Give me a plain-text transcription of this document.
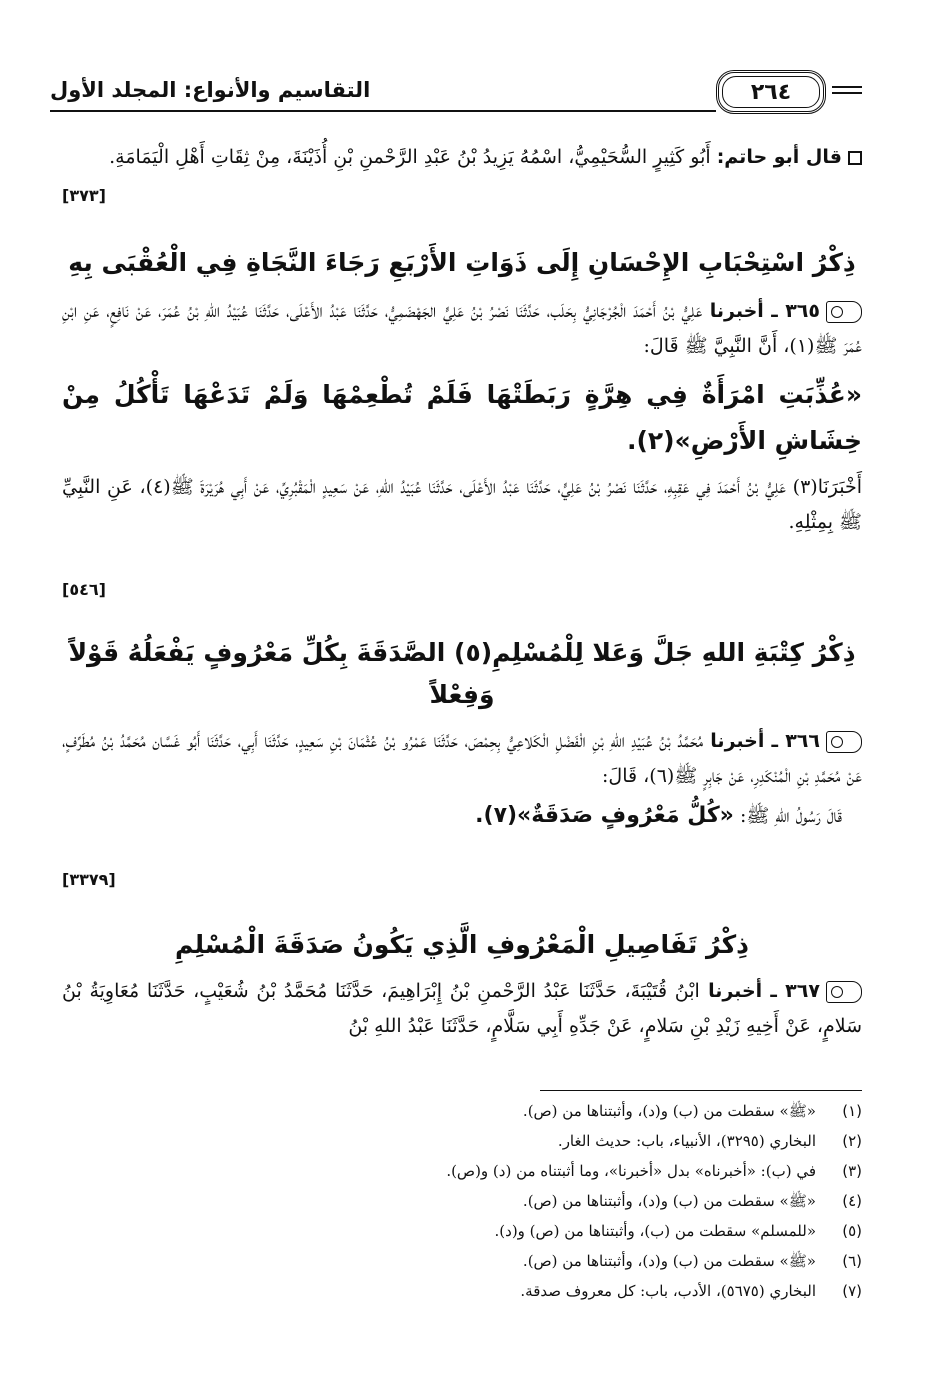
التقاسيم والأنواع: المجلد الأول	٢٦٤

قال أبو حاتم: أَبُو كَثِيرٍ السُّحَيْمِيُّ، اسْمُهُ يَزِيدُ بْنُ عَبْدِ الرَّحْمنِ بْنِ أُذَيْنَةَ، مِنْ ثِقَاتِ أَهْلِ الْيَمَامَةِ.

[٣٧٣]

ذِكْرُ اسْتِحْبَابِ الإِحْسَانِ إِلَى ذَوَاتِ الأَرْبَعِ رَجَاءَ النَّجَاةِ فِي الْعُقْبَى بِهِ

٣٦٥ ـ أخبرنا عَلِيُّ بْنُ أَحْمَدَ الْجُرْجَانِيُّ بِحَلَب، حَدَّثَنَا نَصْرُ بْنُ عَلِيٍّ الجَهْضَمِيُّ، حَدَّثَنَا عَبْدُ الأَعْلَى، حَدَّثَنَا عُبَيْدُ اللهِ بْنُ عُمَرَ، عَنْ نَافِعٍ، عَنِ ابْنِ عُمَرَ ﷺ(١)، أَنَّ النَّبِيَّ ﷺ قَالَ:

«عُذِّبَتِ امْرَأَةٌ فِي هِرَّةٍ رَبَطَتْهَا فَلَمْ تُطْعِمْهَا وَلَمْ تَدَعْهَا تَأْكُلُ مِنْ خِشَاشِ الأَرْضِ»(٢).

أَخْبَرَنَا(٣) عَلِيُّ بْنُ أَحْمَدَ فِي عَقِبِهِ، حَدَّثَنَا نَصْرُ بْنُ عَلِيٍّ، حَدَّثَنَا عَبْدُ الأَعْلَى، حَدَّثَنَا عُبَيْدُ اللهِ، عَنْ سَعِيدٍ الْمَقْبُرِيِّ، عَنْ أَبِي هُرَيْرَةَ ﷺ(٤)، عَنِ النَّبِيِّ ﷺ بِمِثْلِهِ.

[٥٤٦]

ذِكْرُ كِتْبَةِ اللهِ جَلَّ وَعَلا لِلْمُسْلِمِ(٥) الصَّدَقَةَ بِكُلِّ مَعْرُوفٍ يَفْعَلُهُ قَوْلاً وَفِعْلاً

٣٦٦ ـ أخبرنا مُحَمَّدُ بْنُ عُبَيْدِ اللهِ بْنِ الْفَضْلِ الْكَلاعِيُّ بِحِمْصَ، حَدَّثَنَا عَمْرُو بْنُ عُثْمَانَ بْنِ سَعِيدٍ، حَدَّثَنَا أَبِي، حَدَّثَنَا أَبُو غَسَّان مُحَمَّدُ بْنُ مُطَرِّفٍ، عَنْ مُحَمَّدِ بْنِ الْمُنْكَدِرِ، عَنْ جَابِرٍ ﷺ(٦)، قَالَ:

قَالَ رَسُولُ اللهِ ﷺ: «كُلُّ مَعْرُوفٍ صَدَقَةٌ»(٧).

[٣٣٧٩]

ذِكْرُ تَفَاصِيلِ الْمَعْرُوفِ الَّذِي يَكُونُ صَدَقَةَ الْمُسْلِمِ

٣٦٧ ـ أخبرنا ابْنُ قُتَيْبَةَ، حَدَّثَنَا عَبْدُ الرَّحْمنِ بْنُ إِبْرَاهِيمَ، حَدَّثَنَا مُحَمَّدُ بْنُ شُعَيْبٍ، حَدَّثَنَا مُعَاوِيَةُ بْنُ سَلامٍ، عَنْ أَخِيهِ زَيْدِ بْنِ سَلامٍ، عَنْ جَدِّهِ أَبِي سَلَّامٍ، حَدَّثَنَا عَبْدُ اللهِ بْنُ

(١)«ﷺ» سقطت من (ب) و(د)، وأثبتناها من (ص).

(٢)البخاري (٣٢٩٥)، الأنبياء، باب: حديث الغار.

(٣)في (ب): «أخبرناه» بدل «أخبرنا»، وما أثبتناه من (د) و(ص).

(٤)«ﷺ» سقطت من (ب) و(د)، وأثبتناها من (ص).

(٥)«للمسلم» سقطت من (ب)، وأثبتناها من (ص) و(د).

(٦)«ﷺ» سقطت من (ب) و(د)، وأثبتناها من (ص).

(٧)البخاري (٥٦٧٥)، الأدب، باب: كل معروف صدقة.
